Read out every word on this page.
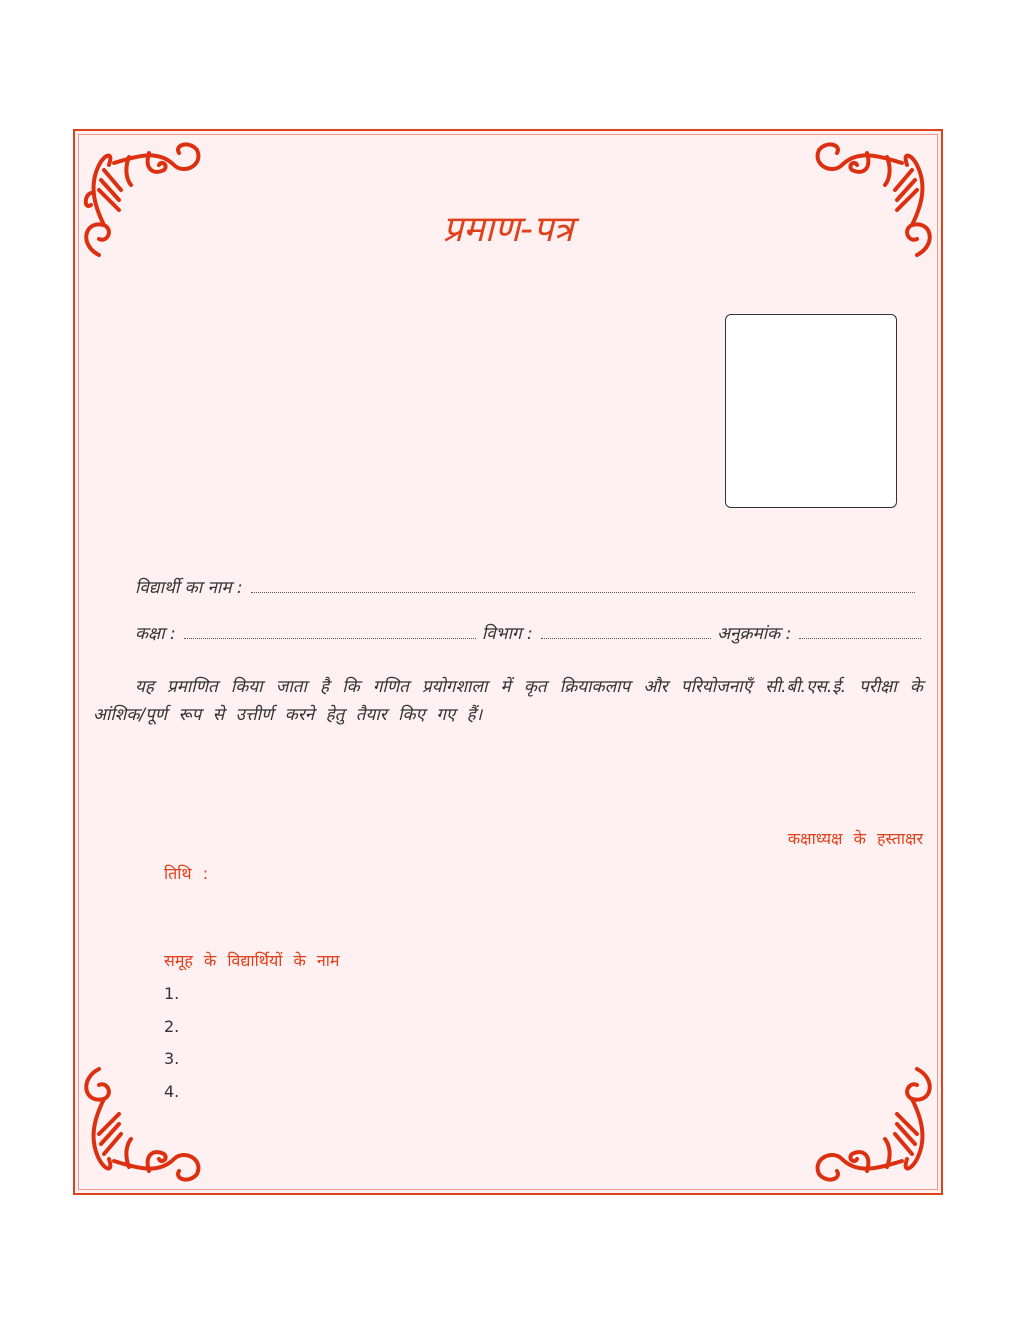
प्रमाण-पत्र
विद्यार्थी का नाम :
कक्षा :	विभाग :	अनुक्रमांक :
यह प्रमाणित किया जाता है कि गणित प्रयोगशाला में कृत क्रियाकलाप और परियोजनाएँ सी.बी.एस.ई. परीक्षा के आंशिक/पूर्ण रूप से उत्तीर्ण करने हेतु तैयार किए गए हैं।
कक्षाध्यक्ष के हस्ताक्षर
तिथि :
समूह के विद्यार्थियों के नाम
1.
2.
3.
4.
